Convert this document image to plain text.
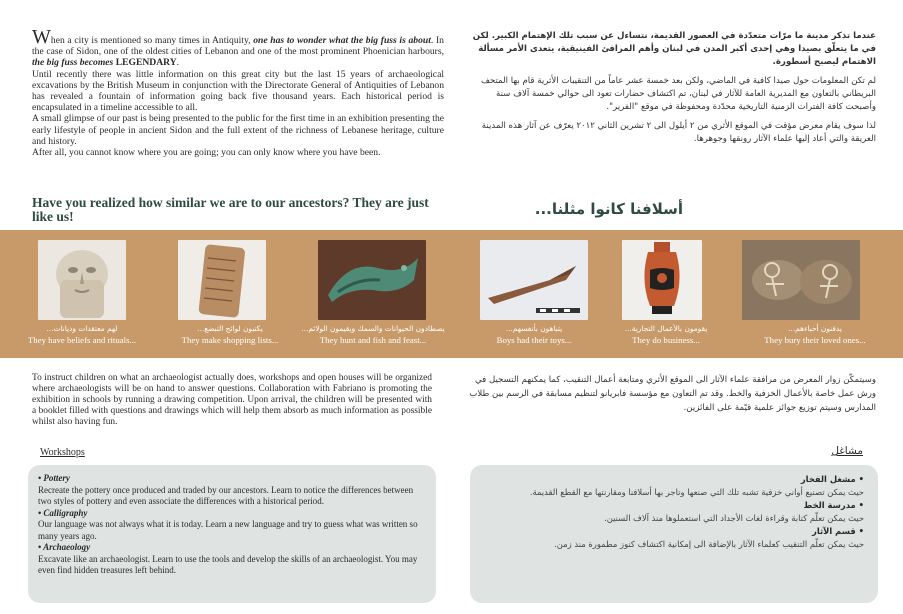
When a city is mentioned so many times in Antiquity, one has to wonder what the big fuss is about. In the case of Sidon, one of the oldest cities of Lebanon and one of the most prominent Phoenician harbours, the big fuss becomes LEGENDARY.

Until recently there was little information on this great city but the last 15 years of archaeological excavations by the British Museum in conjunction with the Directorate General of Antiquities of Lebanon has revealed a fountain of information going back five thousand years. Each historical period is encapsulated in a timeline accessible to all.

A small glimpse of our past is being presented to the public for the first time in an exhibition presenting the early lifestyle of people in ancient Sidon and the full extent of the richness of Lebanese heritage, culture and history.

After all, you cannot know where you are going; you can only know where you have been.

عندما تذكر مدينة ما مرّات متعدّدة في العصور القديمة، نتساءل عن سبب تلك الإهتمام الكبير. لكن في ما يتعلّق بصيدا وهي إحدى أكبر المدن في لبنان وأهم المرافئ الفينيقية، يتعدى الأمر مسألة الاهتمام ليصبح أسطورة.

لم تكن المعلومات حول صيدا كافية في الماضي، ولكن بعد خمسة عشر عاماً من التنقيبات الأثرية قام بها المتحف البريطاني بالتعاون مع المديرية العامة للآثار في لبنان، تم اكتشاف حضارات تعود الى حوالي خمسة آلاف سنة وأصبحت كافة الفترات الزمنية التاريخية محدّدة ومحفوظة في موقع "الفرير".

لذا سوف يقام معرض مؤقت في الموقع الأثري من ٢ أيلول الى ٢ تشرين الثاني ٢٠١٢ يعرّف عن آثار هذه المدينة العريقة والتي أعاد إليها علماء الآثار رونقها وجوهرها.

Have you realized how similar we are to our ancestors? They are just like us!	أسلافنا كانوا مثلنا...
لهم معتقدات وديانات...
They have beliefs and rituals...
يكتبون لوائح التبضع...
They make shopping lists...
يصطادون الحيوانات والسمك ويقيمون الولائم...
They hunt and fish and feast...
يتباهون بأنفسهم...
Boys had their toys...
يقومون بالأعمال التجارية...
They do business...
يدفنون أحباءهم...
They bury their loved ones...
To instruct children on what an archaeologist actually does, workshops and open houses will be organized where archaeologists will be on hand to answer questions. Collaboration with Fabriano is promoting the exhibition in schools by running a drawing competition. Upon arrival, the children will be presented with a booklet filled with questions and drawings which will help them absorb as much information as possible whilst also having fun.
وسيتمكّن زوار المعرض من مرافقة علماء الآثار الى الموقع الأثري ومتابعة أعمال التنقيب، كما يمكنهم التسجيل في ورش عمل خاصة بالأعمال الخزفية والخط. وقد تم التعاون مع مؤسسة فابريانو لتنظيم مسابقة في الرسم بين طلاب المدارس وسيتم توزيع جوائز علمية قيّمة على الفائزين.
Workshops	مشاغل
• Pottery
Recreate the pottery once produced and traded by our ancestors. Learn to notice the differences between two styles of pottery and even associate the differences with a historical period.
• Calligraphy
Our language was not always what it is today. Learn a new language and try to guess what was written so many years ago.
• Archaeology
Excavate like an archaeologist. Learn to use the tools and develop the skills of an archaeologist. You may even find hidden treasures left behind.
• مشغل الفخار
حيث يمكن تصنيع أواني خزفية تشبه تلك التي صنعها وتاجر بها أسلافنا ومقارنتها مع القطع القديمة.
• مدرسة الخط
حيث يمكن تعلّم كتابة وقراءة لغات الأجداد التي استعملوها منذ آلاف السنين.
• قسم الآثار
حيث يمكن تعلّم التنقيب كعلماء الآثار بالإضافة الى إمكانية اكتشاف كنوز مطمورة منذ زمن.
